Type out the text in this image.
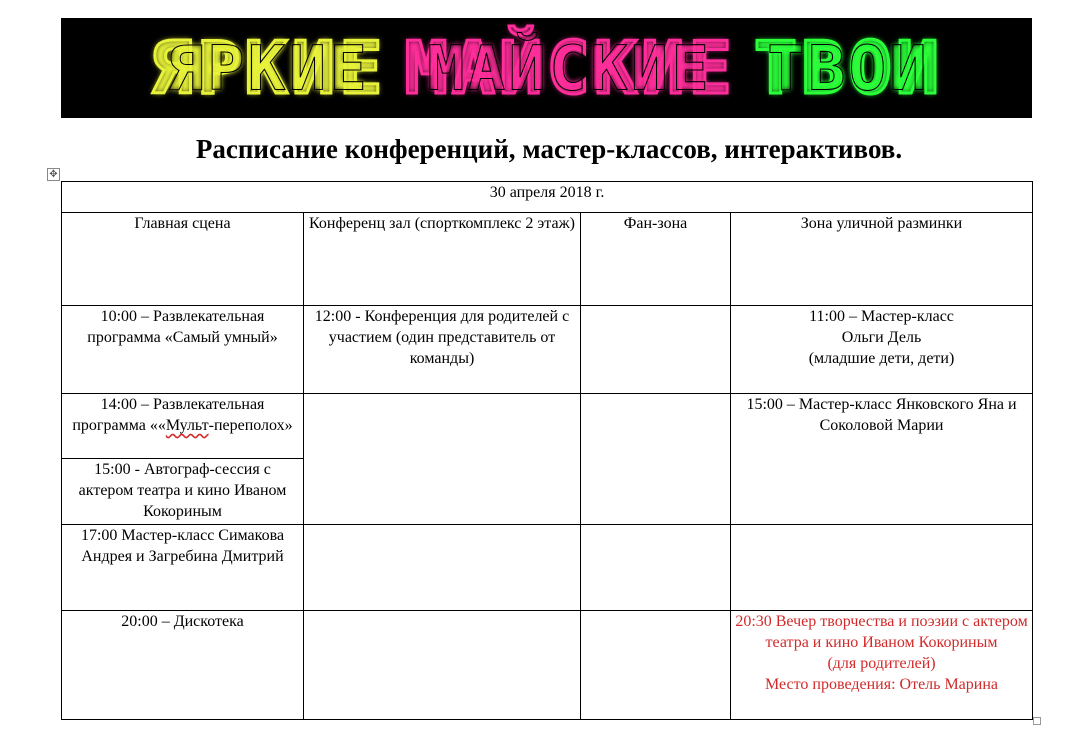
ЯРКИЕ ЯРКИЕ МАЙСКИЕ МАЙСКИЕ ТВОИ ТВОИ
Расписание конференций, мастер-классов, интерактивов.
✥
30 апреля 2018 г.			
Главная сцена	Конференц зал (спорткомплекс 2 этаж)	Фан-зона	Зона уличной разминки
10:00 – Развлекательная программа «Самый умный»	12:00 - Конференция для родителей с участием (один представитель от команды)		11:00 – Мастер-класс
Ольги Дель
(младшие дети, дети)
14:00 – Развлекательная программа ««Мульт-переполох»			15:00 – Мастер-класс Янковского Яна и
Соколовой Марии
15:00 - Автограф-сессия с актером театра и кино Иваном Кокориным			
17:00 Мастер-класс Симакова Андрея и Загребина Дмитрий			
20:00 – Дискотека			20:30 Вечер творчества и поэзии с актером театра и кино Иваном Кокориным
(для родителей)
Место проведения: Отель Марина
